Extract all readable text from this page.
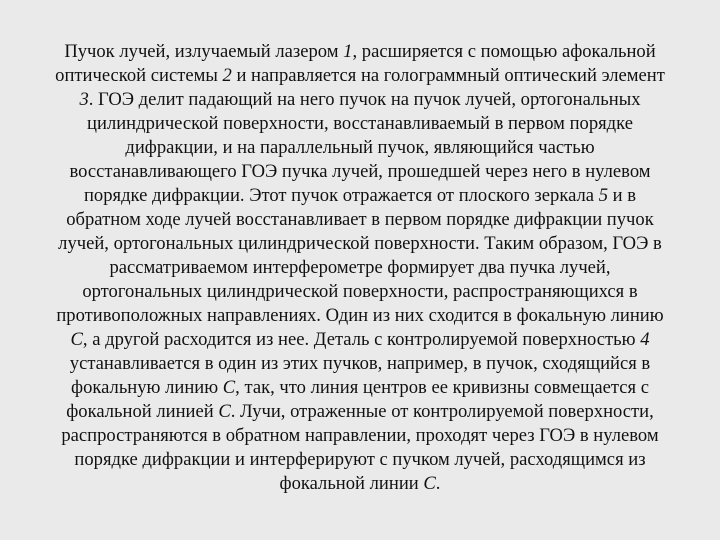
Пучок лучей, излучаемый лазером 1, расширяется с помощью афокальной
оптической системы 2 и направляется на голограммный оптический элемент
3. ГОЭ делит падающий на него пучок на пучок лучей, ортогональных
цилиндрической поверхности, восстанавливаемый в первом порядке
дифракции, и на параллельный пучок, являющийся частью
восстанавливающего ГОЭ пучка лучей, прошедшей через него в нулевом
порядке дифракции. Этот пучок отражается от плоского зеркала 5 и в
обратном ходе лучей восстанавливает в первом порядке дифракции пучок
лучей, ортогональных цилиндрической поверхности. Таким образом, ГОЭ в
рассматриваемом интерферометре формирует два пучка лучей,
ортогональных цилиндрической поверхности, распространяющихся в
противоположных направлениях. Один из них сходится в фокальную линию
C, а другой расходится из нее. Деталь с контролируемой поверхностью 4
устанавливается в один из этих пучков, например, в пучок, сходящийся в
фокальную линию C, так, что линия центров ее кривизны совмещается с
фокальной линией C. Лучи, отраженные от контролируемой поверхности,
распространяются в обратном направлении, проходят через ГОЭ в нулевом
порядке дифракции и интерферируют с пучком лучей, расходящимся из
фокальной линии C.
